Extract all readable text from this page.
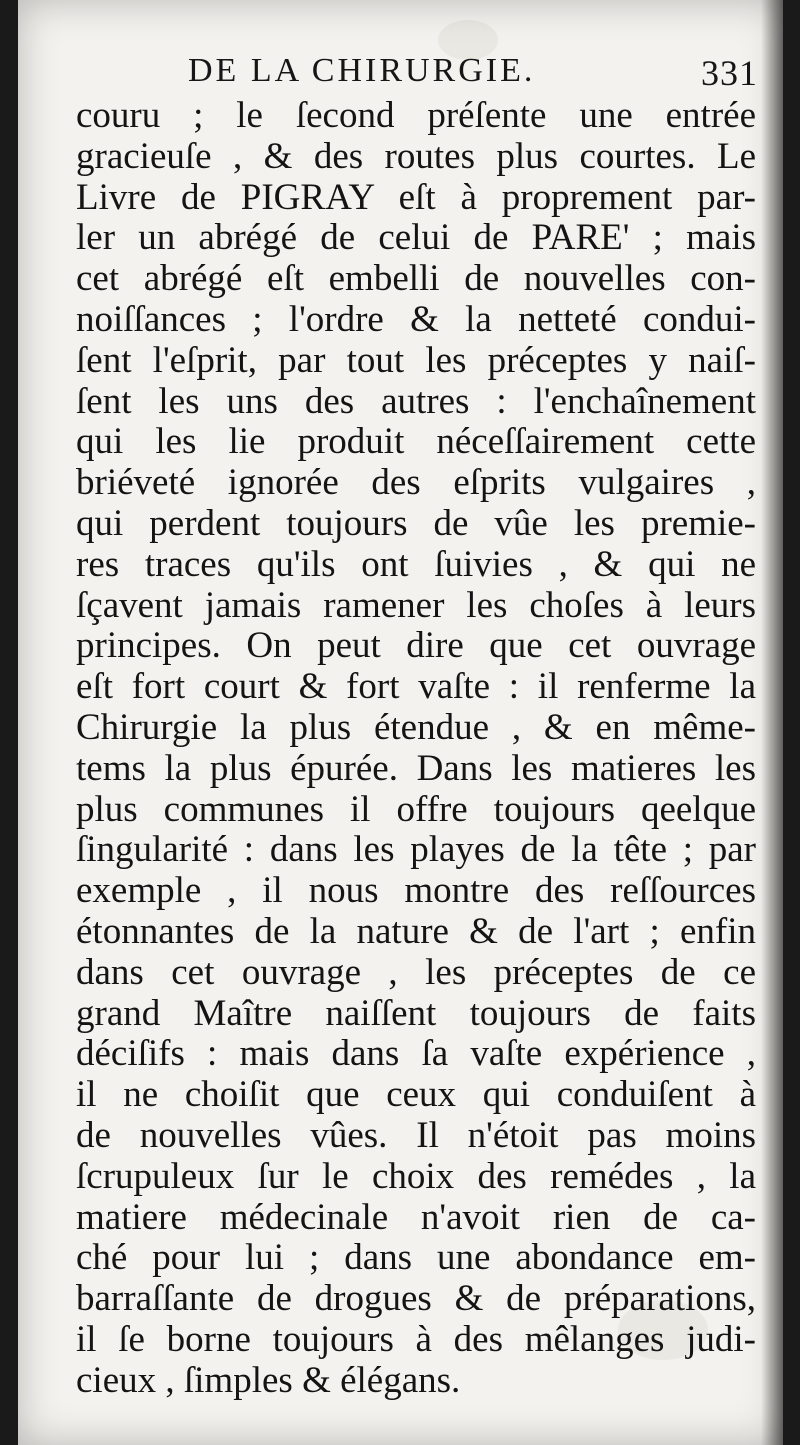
DE LA CHIRURGIE.	331
couru ; le ſecond préſente une entrée
gracieuſe , & des routes plus courtes. Le
Livre de PIGRAY eſt à proprement par-
ler un abrégé de celui de PARE' ; mais
cet abrégé eſt embelli de nouvelles con-
noiſſances ; l'ordre & la netteté condui-
ſent l'eſprit, par tout les préceptes y naiſ-
ſent les uns des autres : l'enchaînement
qui les lie produit néceſſairement cette
briéveté ignorée des eſprits vulgaires ,
qui perdent toujours de vûe les premie-
res traces qu'ils ont ſuivies , & qui ne
ſçavent jamais ramener les choſes à leurs
principes. On peut dire que cet ouvrage
eſt fort court & fort vaſte : il renferme la
Chirurgie la plus étendue , & en même-
tems la plus épurée. Dans les matieres les
plus communes il offre toujours qeelque
ſingularité : dans les playes de la tête ; par
exemple , il nous montre des reſſources
étonnantes de la nature & de l'art ; enfin
dans cet ouvrage , les préceptes de ce
grand Maître naiſſent toujours de faits
déciſifs : mais dans ſa vaſte expérience ,
il ne choiſit que ceux qui conduiſent à
de nouvelles vûes. Il n'étoit pas moins
ſcrupuleux ſur le choix des remédes , la
matiere médecinale n'avoit rien de ca-
ché pour lui ; dans une abondance em-
barraſſante de drogues & de préparations,
il ſe borne toujours à des mêlanges judi-
cieux , ſimples & élégans.
